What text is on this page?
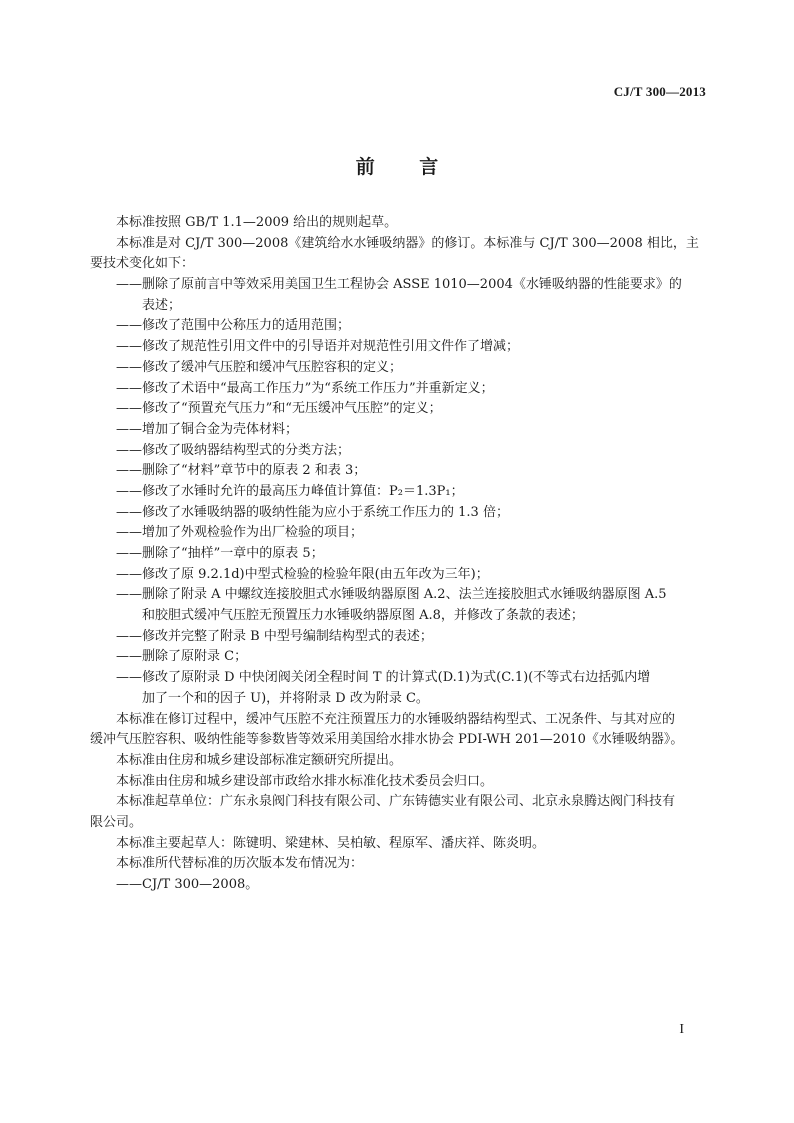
CJ/T 300—2013
前 言
本标准按照 GB/T 1.1—2009 给出的规则起草。
本标准是对 CJ/T 300—2008《建筑给水水锤吸纳器》的修订。本标准与 CJ/T 300—2008 相比，主
要技术变化如下：
——删除了原前言中等效采用美国卫生工程协会 ASSE 1010—2004《水锤吸纳器的性能要求》的
表述；
——修改了范围中公称压力的适用范围；
——修改了规范性引用文件中的引导语并对规范性引用文件作了增减；
——修改了缓冲气压腔和缓冲气压腔容积的定义；
——修改了术语中“最高工作压力”为“系统工作压力”并重新定义；
——修改了“预置充气压力”和“无压缓冲气压腔”的定义；
——增加了铜合金为壳体材料；
——修改了吸纳器结构型式的分类方法；
——删除了“材料”章节中的原表 2 和表 3；
——修改了水锤时允许的最高压力峰值计算值：P₂＝1.3P₁；
——修改了水锤吸纳器的吸纳性能为应小于系统工作压力的 1.3 倍；
——增加了外观检验作为出厂检验的项目；
——删除了“抽样”一章中的原表 5；
——修改了原 9.2.1d)中型式检验的检验年限(由五年改为三年)；
——删除了附录 A 中螺纹连接胶胆式水锤吸纳器原图 A.2、法兰连接胶胆式水锤吸纳器原图 A.5
和胶胆式缓冲气压腔无预置压力水锤吸纳器原图 A.8，并修改了条款的表述；
——修改并完整了附录 B 中型号编制结构型式的表述；
——删除了原附录 C；
——修改了原附录 D 中快闭阀关闭全程时间 T 的计算式(D.1)为式(C.1)(不等式右边括弧内增
加了一个和的因子 U)，并将附录 D 改为附录 C。
本标准在修订过程中，缓冲气压腔不充注预置压力的水锤吸纳器结构型式、工况条件、与其对应的
缓冲气压腔容积、吸纳性能等参数皆等效采用美国给水排水协会 PDI-WH 201—2010《水锤吸纳器》。
本标准由住房和城乡建设部标准定额研究所提出。
本标准由住房和城乡建设部市政给水排水标准化技术委员会归口。
本标准起草单位：广东永泉阀门科技有限公司、广东铸德实业有限公司、北京永泉腾达阀门科技有
限公司。
本标准主要起草人：陈键明、梁建林、吴柏敏、程原军、潘庆祥、陈炎明。
本标准所代替标准的历次版本发布情况为：
——CJ/T 300—2008。
I
